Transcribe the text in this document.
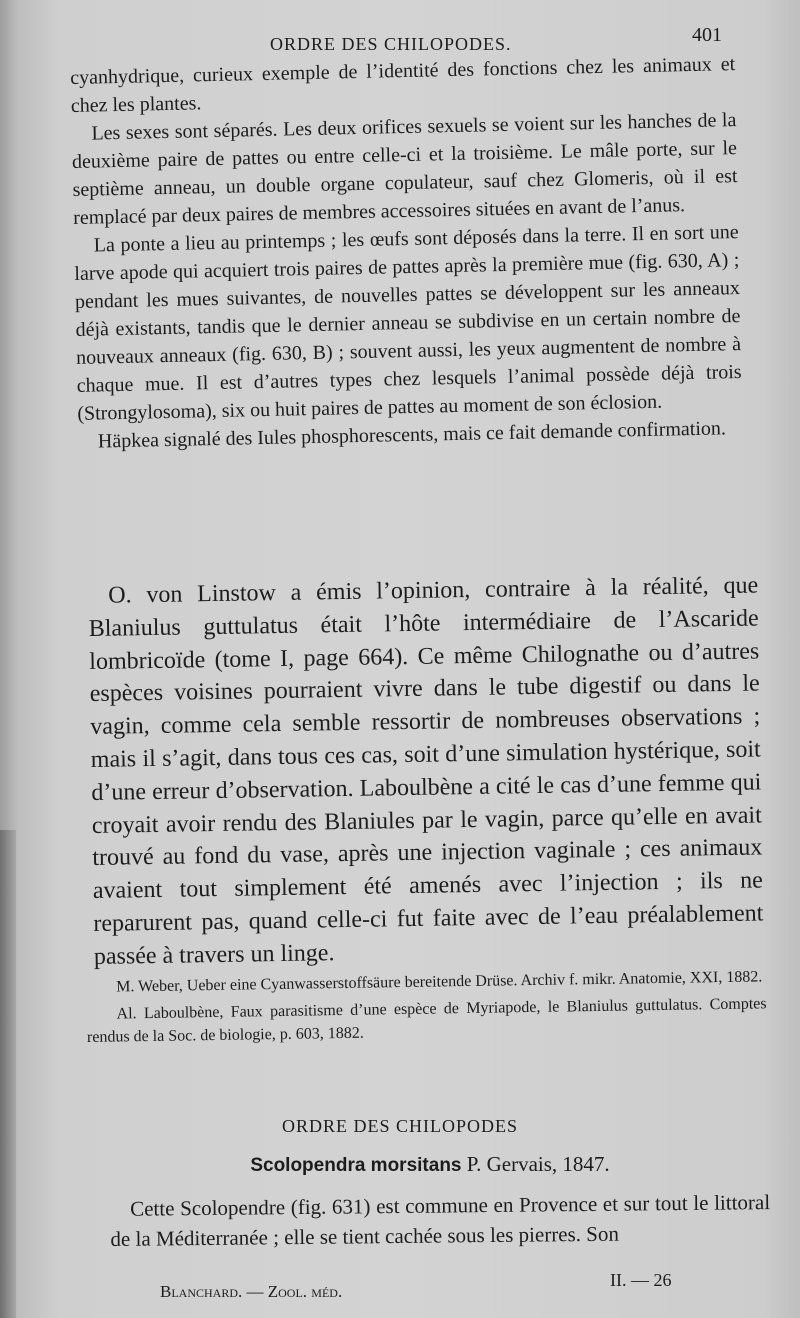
ORDRE DES CHILOPODES.	401

cyanhydrique, curieux exemple de l’identité des fonctions chez les animaux et chez les plantes.

Les sexes sont séparés. Les deux orifices sexuels se voient sur les hanches de la deuxième paire de pattes ou entre celle-ci et la troisième. Le mâle porte, sur le septième anneau, un double organe copulateur, sauf chez Glomeris, où il est remplacé par deux paires de membres accessoires situées en avant de l’anus.

La ponte a lieu au printemps ; les œufs sont déposés dans la terre. Il en sort une larve apode qui acquiert trois paires de pattes après la première mue (fig. 630, A) ; pendant les mues suivantes, de nouvelles pattes se développent sur les anneaux déjà existants, tandis que le dernier anneau se subdivise en un certain nombre de nouveaux anneaux (fig. 630, B) ; souvent aussi, les yeux augmentent de nombre à chaque mue. Il est d’autres types chez lesquels l’animal possède déjà trois (Strongylosoma), six ou huit paires de pattes au moment de son éclosion.

Häpkea signalé des Iules phosphorescents, mais ce fait demande confirmation.

O. von Linstow a émis l’opinion, contraire à la réalité, que Blaniulus guttulatus était l’hôte intermédiaire de l’Ascaride lombricoïde (tome I, page 664). Ce même Chilognathe ou d’autres espèces voisines pourraient vivre dans le tube digestif ou dans le vagin, comme cela semble ressortir de nombreuses observations ; mais il s’agit, dans tous ces cas, soit d’une simulation hystérique, soit d’une erreur d’observation. Laboulbène a cité le cas d’une femme qui croyait avoir rendu des Blaniules par le vagin, parce qu’elle en avait trouvé au fond du vase, après une injection vaginale ; ces animaux avaient tout simplement été amenés avec l’injection ; ils ne reparurent pas, quand celle-ci fut faite avec de l’eau préalablement passée à travers un linge.

M. Weber, Ueber eine Cyanwasserstoffsäure bereitende Drüse. Archiv f. mikr. Anatomie, XXI, 1882.

Al. Laboulbène, Faux parasitisme d’une espèce de Myriapode, le Blaniulus guttulatus. Comptes rendus de la Soc. de biologie, p. 603, 1882.

ORDRE DES CHILOPODES
Scolopendra morsitans P. Gervais, 1847.

Cette Scolopendre (fig. 631) est commune en Provence et sur tout le littoral de la Méditerranée ; elle se tient cachée sous les pierres. Son

Blanchard. — Zool. méd.
II. — 26
